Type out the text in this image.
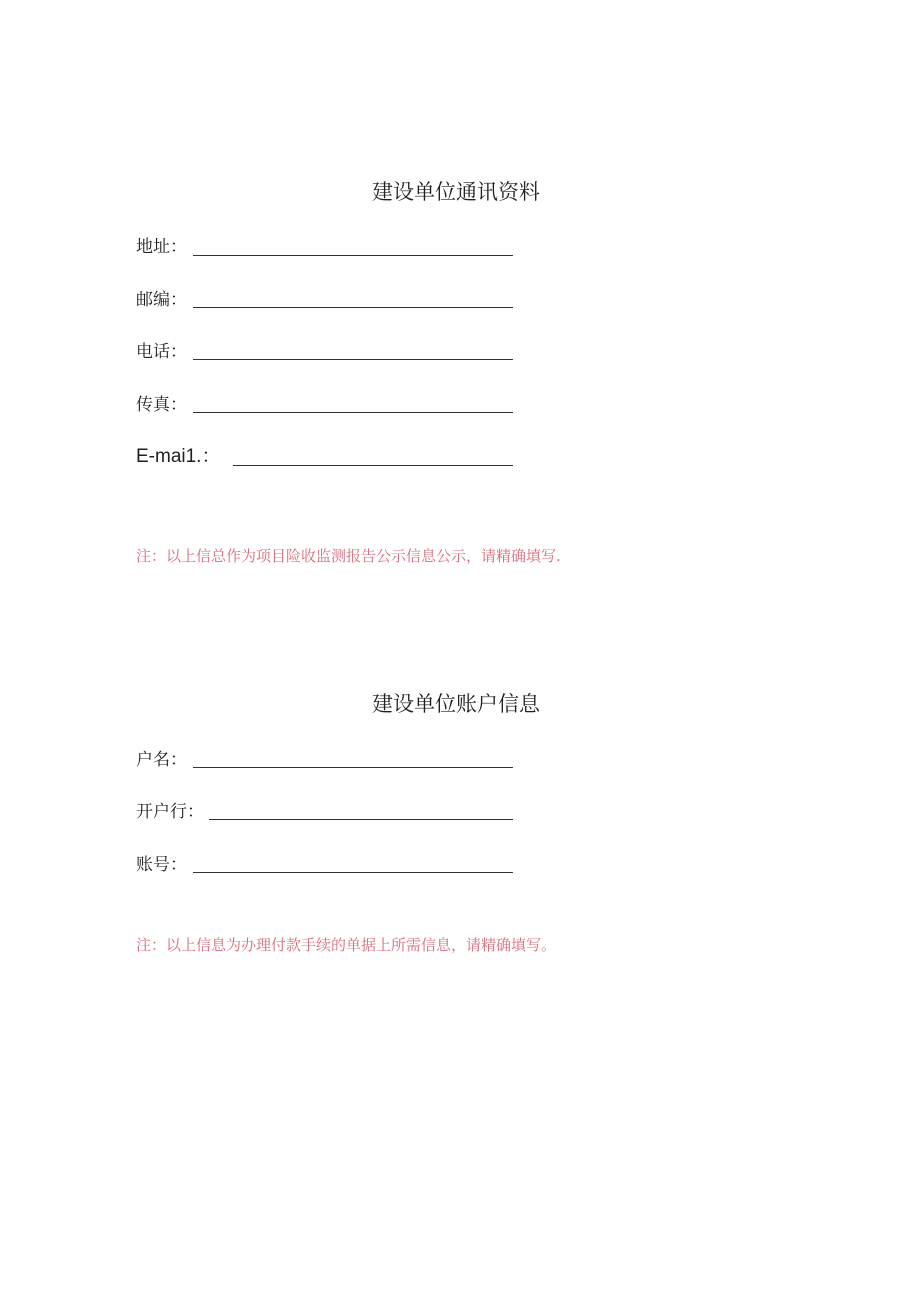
建设单位通讯资料
地址：
邮编：
电话：
传真：
E-mai1.：
注：以上信总作为项目险收监测报告公示信息公示，请精确填写.
建设单位账户信息
户名：
开户行：
账号：
注：以上信息为办理付款手续的单据上所需信息，请精确填写。
